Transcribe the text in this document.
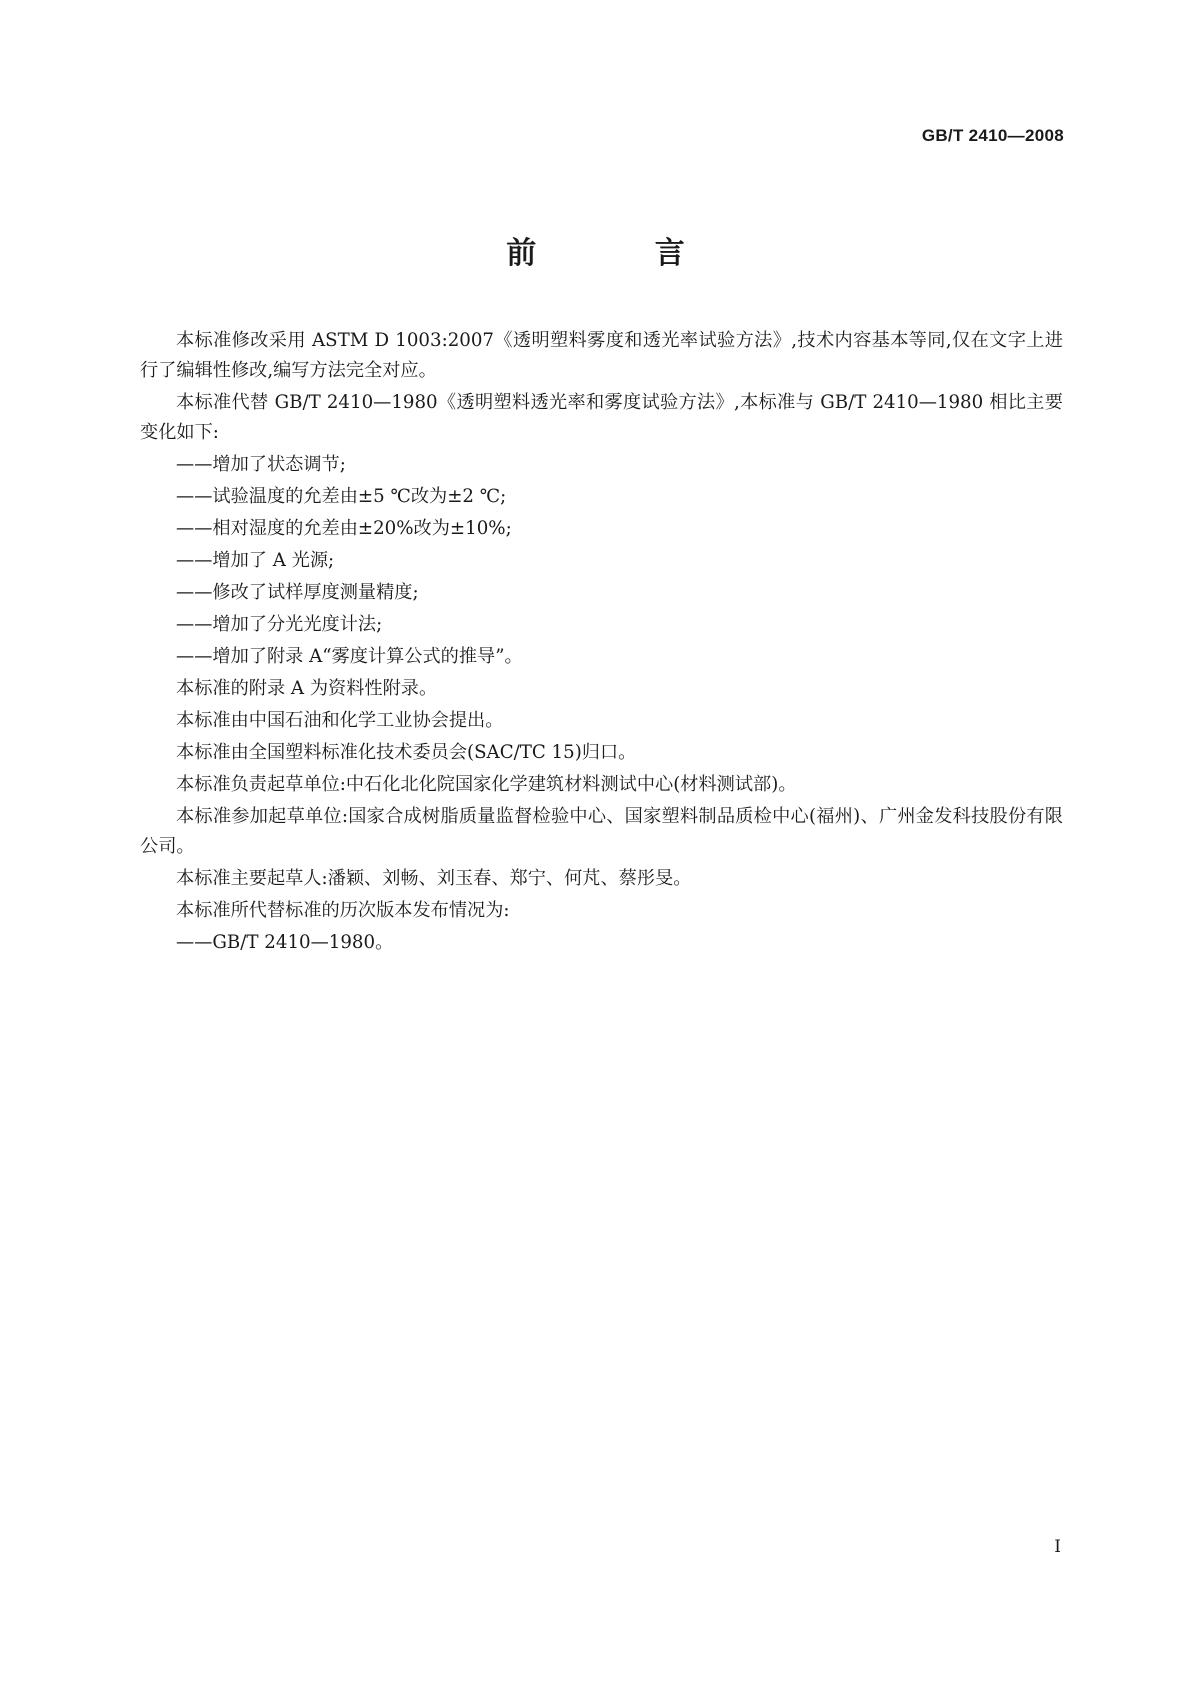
GB/T 2410—2008
前 言

本标准修改采用 ASTM D 1003:2007《透明塑料雾度和透光率试验方法》,技术内容基本等同,仅在文字上进行了编辑性修改,编写方法完全对应。

本标准代替 GB/T 2410—1980《透明塑料透光率和雾度试验方法》,本标准与 GB/T 2410—1980 相比主要变化如下:

——增加了状态调节;

——试验温度的允差由±5 ℃改为±2 ℃;

——相对湿度的允差由±20%改为±10%;

——增加了 A 光源;

——修改了试样厚度测量精度;

——增加了分光光度计法;

——增加了附录 A“雾度计算公式的推导”。

本标准的附录 A 为资料性附录。

本标准由中国石油和化学工业协会提出。

本标准由全国塑料标准化技术委员会(SAC/TC 15)归口。

本标准负责起草单位:中石化北化院国家化学建筑材料测试中心(材料测试部)。

本标准参加起草单位:国家合成树脂质量监督检验中心、国家塑料制品质检中心(福州)、广州金发科技股份有限公司。

本标准主要起草人:潘颖、刘畅、刘玉春、郑宁、何芃、蔡彤旻。

本标准所代替标准的历次版本发布情况为:

——GB/T 2410—1980。

I
